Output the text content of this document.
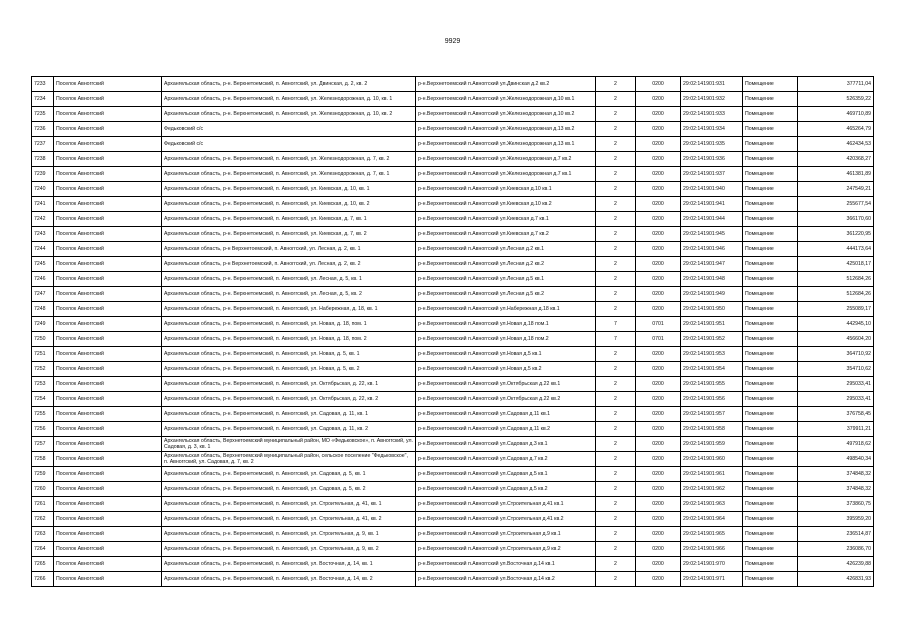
9929
7233	Поселок Авноггский	Архангельская область, р-н. Верхнетоемский, п. Авноггский, ул. Двинская, д. 2, кв. 2	р-н.Верхнетоемский п.Авноггский ул.Двинская д.2 кв.2	2	0200	29:02:141901:931	Помещение	377711,04
7234	Поселок Авноггский	Архангельская область, р-н. Верхнетоемский, п. Авноггский, ул. Железнодорожная, д. 10, кв. 1	р-н.Верхнетоемский п.Авноггский ул.Железнодорожная д.10 кв.1	2	0200	29:02:141901:932	Помещение	526359,22
7235	Поселок Авноггский	Архангельская область, р-н. Верхнетоемский, п. Авноггский, ул. Железнодорожная, д. 10, кв. 2	р-н.Верхнетоемский п.Авноггский ул.Железнодорожная д.10 кв.2	2	0200	29:02:141901:933	Помещение	469710,89
7236	Поселок Авноггский	Федьковский с/с	р-н.Верхнетоемский п.Авноггский ул.Железнодорожная д.13 кв.2	2	0200	29:02:141901:934	Помещение	465264,79
7237	Поселок Авноггский	Федьковский с/с	р-н.Верхнетоемский п.Авноггский ул.Железнодорожная д.13 кв.1	2	0200	29:02:141901:935	Помещение	462434,53
7238	Поселок Авноггский	Архангельская область, р-н. Верхнетоемский, п. Авноггский, ул. Железнодорожная, д. 7, кв. 2	р-н.Верхнетоемский п.Авноггский ул.Железнодорожная д.7 кв.2	2	0200	29:02:141901:936	Помещение	420368,27
7239	Поселок Авноггский	Архангельская область, р-н. Верхнетоемский, п. Авноггский, ул. Железнодорожная, д. 7, кв. 1	р-н.Верхнетоемский п.Авноггский ул.Железнодорожная д.7 кв.1	2	0200	29:02:141901:937	Помещение	461381,89
7240	Поселок Авноггский	Архангельская область, р-н. Верхнетоемский, п. Авноггский, ул. Киевская, д. 10, кв. 1	р-н.Верхнетоемский п.Авноггский ул.Киевская д.10 кв.1	2	0200	29:02:141901:940	Помещение	247549,21
7241	Поселок Авноггский	Архангельская область, р-н. Верхнетоемский, п. Авноггский, ул. Киевская, д. 10, кв. 2	р-н.Верхнетоемский п.Авноггский ул.Киевская д.10 кв.2	2	0200	29:02:141901:941	Помещение	255677,54
7242	Поселок Авноггский	Архангельская область, р-н. Верхнетоемский, п. Авноггский, ул. Киевская, д. 7, кв. 1	р-н.Верхнетоемский п.Авноггский ул.Киевская д.7 кв.1	2	0200	29:02:141901:944	Помещение	366170,60
7243	Поселок Авноггский	Архангельская область, р-н. Верхнетоемский, п. Авноггский, ул. Киевская, д. 7, кв. 2	р-н.Верхнетоемский п.Авноггский ул.Киевская д.7 кв.2	2	0200	29:02:141901:945	Помещение	361220,95
7244	Поселок Авноггский	Архангельская область, р-н Верхнетоемский, п. Авноггский, ул. Лесная, д. 2, кв. 1	р-н.Верхнетоемский п.Авноггский ул.Лесная д.2 кв.1	2	0200	29:02:141901:946	Помещение	444173,64
7245	Поселок Авноггский	Архангельская область, р-н Верхнетоемский, п. Авноггский, ул. Лесная, д. 2, кв. 2	р-н.Верхнетоемский п.Авноггский ул.Лесная д.2 кв.2	2	0200	29:02:141901:947	Помещение	425018,17
7246	Поселок Авноггский	Архангельская область, р-н. Верхнетоемский, п. Авноггский, ул. Лесная, д. 5, кв. 1	р-н.Верхнетоемский п.Авноггский ул.Лесная д.5 кв.1	2	0200	29:02:141901:948	Помещение	512684,26
7247	Поселок Авноггский	Архангельская область, р-н. Верхнетоемский, п. Авноггский, ул. Лесная, д. 5, кв. 2	р-н.Верхнетоемский п.Авноггский ул.Лесная д.5 кв.2	2	0200	29:02:141901:949	Помещение	512684,26
7248	Поселок Авноггский	Архангельская область, р-н. Верхнетоемский, п. Авноггский, ул. Набережная, д. 18, кв. 1	р-н.Верхнетоемский п.Авноггский ул.Набережная д.18 кв.1	2	0200	29:02:141901:950	Помещение	255089,17
7249	Поселок Авноггский	Архангельская область, р-н. Верхнетоемский, п. Авноггский, ул. Новая, д. 18, пом. 1	р-н.Верхнетоемский п.Авноггский ул.Новая д.18 пом.1	7	0701	29:02:141901:951	Помещение	442945,10
7250	Поселок Авноггский	Архангельская область, р-н. Верхнетоемский, п. Авноггский, ул. Новая, д. 18, пом. 2	р-н.Верхнетоемский п.Авноггский ул.Новая д.18 пом.2	7	0701	29:02:141901:952	Помещение	456604,20
7251	Поселок Авноггский	Архангельская область, р-н. Верхнетоемский, п. Авноггский, ул. Новая, д. 5, кв. 1	р-н.Верхнетоемский п.Авноггский ул.Новая д.5 кв.1	2	0200	29:02:141901:953	Помещение	364710,92
7252	Поселок Авноггский	Архангельская область, р-н. Верхнетоемский, п. Авноггский, ул. Новая, д. 5, кв. 2	р-н.Верхнетоемский п.Авноггский ул.Новая д.5 кв.2	2	0200	29:02:141901:954	Помещение	354710,62
7253	Поселок Авноггский	Архангельская область, р-н. Верхнетоемский, п. Авноггский, ул. Октябрьская, д. 22, кв. 1	р-н.Верхнетоемский п.Авноггский ул.Октябрьская д.22 кв.1	2	0200	29:02:141901:955	Помещение	295033,41
7254	Поселок Авноггский	Архангельская область, р-н. Верхнетоемский, п. Авноггский, ул. Октябрьская, д. 22, кв. 2	р-н.Верхнетоемский п.Авноггский ул.Октябрьская д.22 кв.2	2	0200	29:02:141901:956	Помещение	295033,41
7255	Поселок Авноггский	Архангельская область, р-н. Верхнетоемский, п. Авноггский, ул. Садовая, д. 11, кв. 1	р-н.Верхнетоемский п.Авноггский ул.Садовая д.11 кв.1	2	0200	29:02:141901:957	Помещение	376758,45
7256	Поселок Авноггский	Архангельская область, р-н. Верхнетоемский, п. Авноггский, ул. Садовая, д. 11, кв. 2	р-н.Верхнетоемский п.Авноггский ул.Садовая д.11 кв.2	2	0200	29:02:141901:958	Помещение	379911,21
7257	Поселок Авноггский	Архангельская область, Верхнетоемский муниципальный район, МО «Федьковское», п. Авноггский, ул. Садовая, д. 3, кв. 1	р-н.Верхнетоемский п.Авноггский ул.Садовая д.3 кв.1	2	0200	29:02:141901:959	Помещение	497918,62
7258	Поселок Авноггский	Архангельская область, Верхнетоемский муниципальный район, сельское поселение "Федьковское", п. Авноггский, ул. Садовая, д. 7, кв. 2	р-н.Верхнетоемский п.Авноггский ул.Садовая д.7 кв.2	2	0200	29:02:141901:960	Помещение	498540,34
7259	Поселок Авноггский	Архангельская область, р-н. Верхнетоемский, п. Авноггский, ул. Садовая, д. 5, кв. 1	р-н.Верхнетоемский п.Авноггский ул.Садовая д.5 кв.1	2	0200	29:02:141901:961	Помещение	374848,32
7260	Поселок Авноггский	Архангельская область, р-н. Верхнетоемский, п. Авноггский, ул. Садовая, д. 5, кв. 2	р-н.Верхнетоемский п.Авноггский ул.Садовая д.5 кв.2	2	0200	29:02:141901:962	Помещение	374848,32
7261	Поселок Авноггский	Архангельская область, р-н. Верхнетоемский, п. Авноггский, ул. Строительная, д. 41, кв. 1	р-н.Верхнетоемский п.Авноггский ул.Строительная д.41 кв.1	2	0200	29:02:141901:963	Помещение	373860,75
7262	Поселок Авноггский	Архангельская область, р-н. Верхнетоемский, п. Авноггский, ул. Строительная, д. 41, кв. 2	р-н.Верхнетоемский п.Авноггский ул.Строительная д.41 кв.2	2	0200	29:02:141901:964	Помещение	395959,20
7263	Поселок Авноггский	Архангельская область, р-н. Верхнетоемский, п. Авноггский, ул. Строительная, д. 9, кв. 1	р-н.Верхнетоемский п.Авноггский ул.Строительная д.9 кв.1	2	0200	29:02:141901:965	Помещение	236514,87
7264	Поселок Авноггский	Архангельская область, р-н. Верхнетоемский, п. Авноггский, ул. Строительная, д. 9, кв. 2	р-н.Верхнетоемский п.Авноггский ул.Строительная д.9 кв.2	2	0200	29:02:141901:966	Помещение	236086,70
7265	Поселок Авноггский	Архангельская область, р-н. Верхнетоемский, п. Авноггский, ул. Восточная, д. 14, кв. 1	р-н.Верхнетоемский п.Авноггский ул.Восточная д.14 кв.1	2	0200	29:02:141901:970	Помещение	426239,88
7266	Поселок Авноггский	Архангельская область, р-н. Верхнетоемский, п. Авноггский, ул. Восточная, д. 14, кв. 2	р-н.Верхнетоемский п.Авноггский ул.Восточная д.14 кв.2	2	0200	29:02:141901:971	Помещение	426831,93
